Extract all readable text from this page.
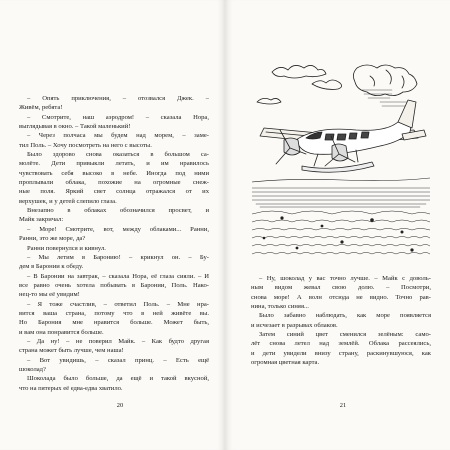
– Опять приключения, – отозвался Джек. –

Живём, ребята!

– Смотрите, наш аэродром! – сказала Нора,

выглядывая в окно. – Такой маленький!

– Через полчаса мы будем над морем, – заме-

тил Поль. – Хочу посмотреть на него с высоты.

Было здорово снова оказаться в большом са-

молёте. Дети привыкли летать, и им нравилось

чувствовать себя высоко в небе. Иногда под ними

проплывали облака, похожие на огромные снеж-

ные поля. Яркий свет солнца отражался от их

верхушек, и у детей слепило глаза.

Внезапно в облаках обозначился просвет, и

Майк закричал:

– Море! Смотрите, вот, между облаками... Ранни,

Ранни, это же море, да?

Ранни повернулся и кивнул.

– Мы летим в Баронию! – крикнул он. – Бу-

дем в Баронии к обеду.

– В Баронии на завтрак, – сказала Нора, её глаза сияли. – И

все равно очень хотела побывать в Баронии, Поль. Нако-

нец-то мы её увидим!

– Я тоже счастлив, – ответил Поль. – Мне нра-

вится ваша страна, потому что в ней живёте вы.

Но Барония мне нравится больше. Может быть,

и вам она понравится больше.

– Да ну! – не поверил Майк. – Как будто другая

страна может быть лучше, чем наша!

– Вот увидишь, – сказал принц. – Есть ещё

шоколад?

Шоколада было больше, да ещё и такой вкусной,

что на пятерых её едва-едва хватило.

20

– Ну, шоколад у вас точно лучше. – Майк с доволь-

ным видом жевал свою долю. – Посмотри,

снова море! А волн отсюда не видно. Точно рав-

нина, только синяя...

Было забавно наблюдать, как море появляется

и исчезает в разрывах облаков.

Затем синий цвет сменился зелёным: само-

лёт снова летел над землёй. Облака рассеялись,

и дети увидели внизу страну, раскинувшуюся, как

огромная цветная карта.

21
